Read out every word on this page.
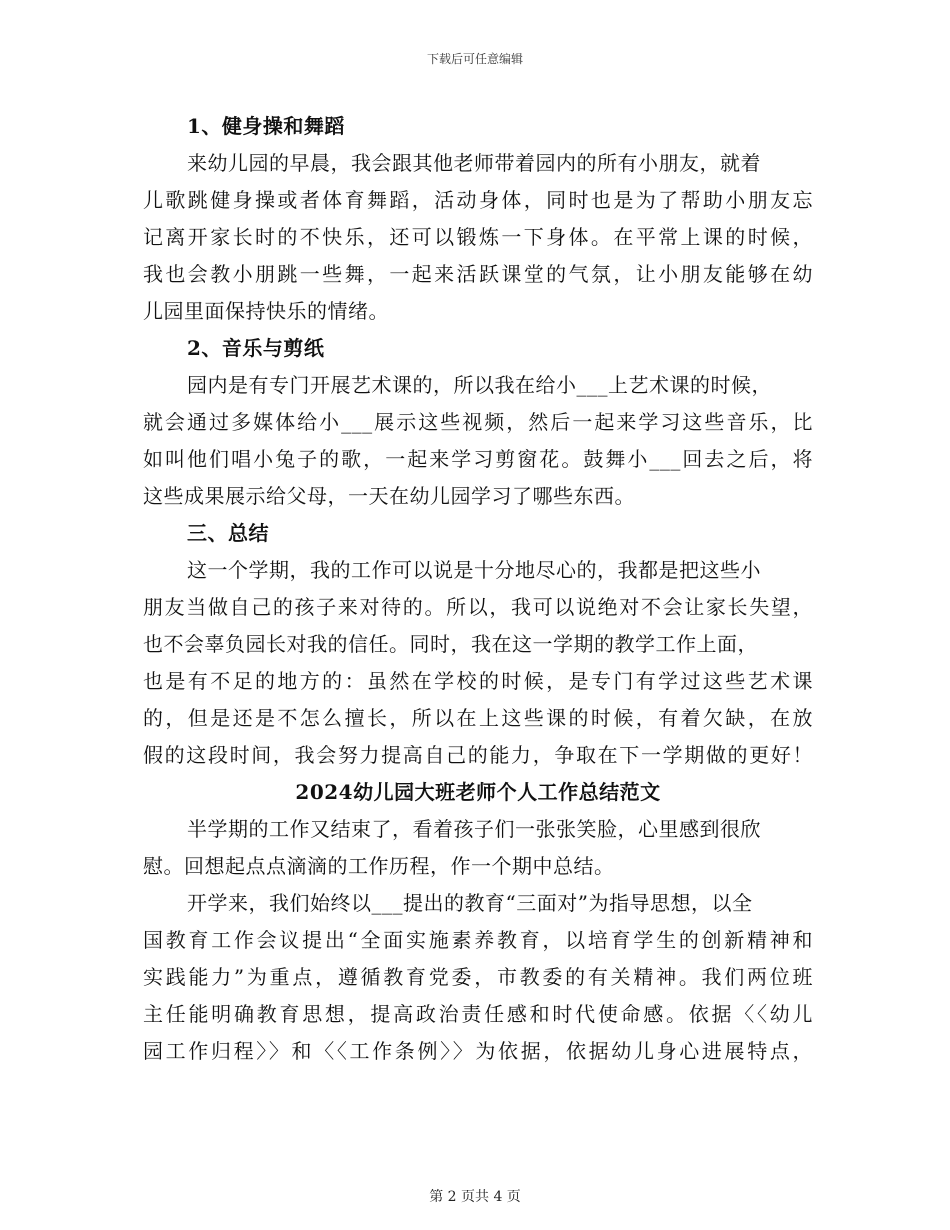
下载后可任意编辑
1、健身操和舞蹈
来幼儿园的早晨，我会跟其他老师带着园内的所有小朋友，就着
儿歌跳健身操或者体育舞蹈，活动身体，同时也是为了帮助小朋友忘
记离开家长时的不快乐，还可以锻炼一下身体。在平常上课的时候，
我也会教小朋跳一些舞，一起来活跃课堂的气氛，让小朋友能够在幼
儿园里面保持快乐的情绪。
2、音乐与剪纸
园内是有专门开展艺术课的，所以我在给小___上艺术课的时候，
就会通过多媒体给小___展示这些视频，然后一起来学习这些音乐，比
如叫他们唱小兔子的歌，一起来学习剪窗花。鼓舞小___回去之后，将
这些成果展示给父母，一天在幼儿园学习了哪些东西。
三、总结
这一个学期，我的工作可以说是十分地尽心的，我都是把这些小
朋友当做自己的孩子来对待的。所以，我可以说绝对不会让家长失望，
也不会辜负园长对我的信任。同时，我在这一学期的教学工作上面，
也是有不足的地方的：虽然在学校的时候，是专门有学过这些艺术课
的，但是还是不怎么擅长，所以在上这些课的时候，有着欠缺，在放
假的这段时间，我会努力提高自己的能力，争取在下一学期做的更好！
2024幼儿园大班老师个人工作总结范文
半学期的工作又结束了，看着孩子们一张张笑脸，心里感到很欣
慰。回想起点点滴滴的工作历程，作一个期中总结。
开学来，我们始终以___提出的教育“三面对”为指导思想，以全
国教育工作会议提出“全面实施素养教育，以培育学生的创新精神和
实践能力”为重点，遵循教育党委，市教委的有关精神。我们两位班
主任能明确教育思想，提高政治责任感和时代使命感。依据〈〈幼儿
园工作归程〉〉和〈〈工作条例〉〉为依据，依据幼儿身心进展特点，
第 2 页共 4 页
